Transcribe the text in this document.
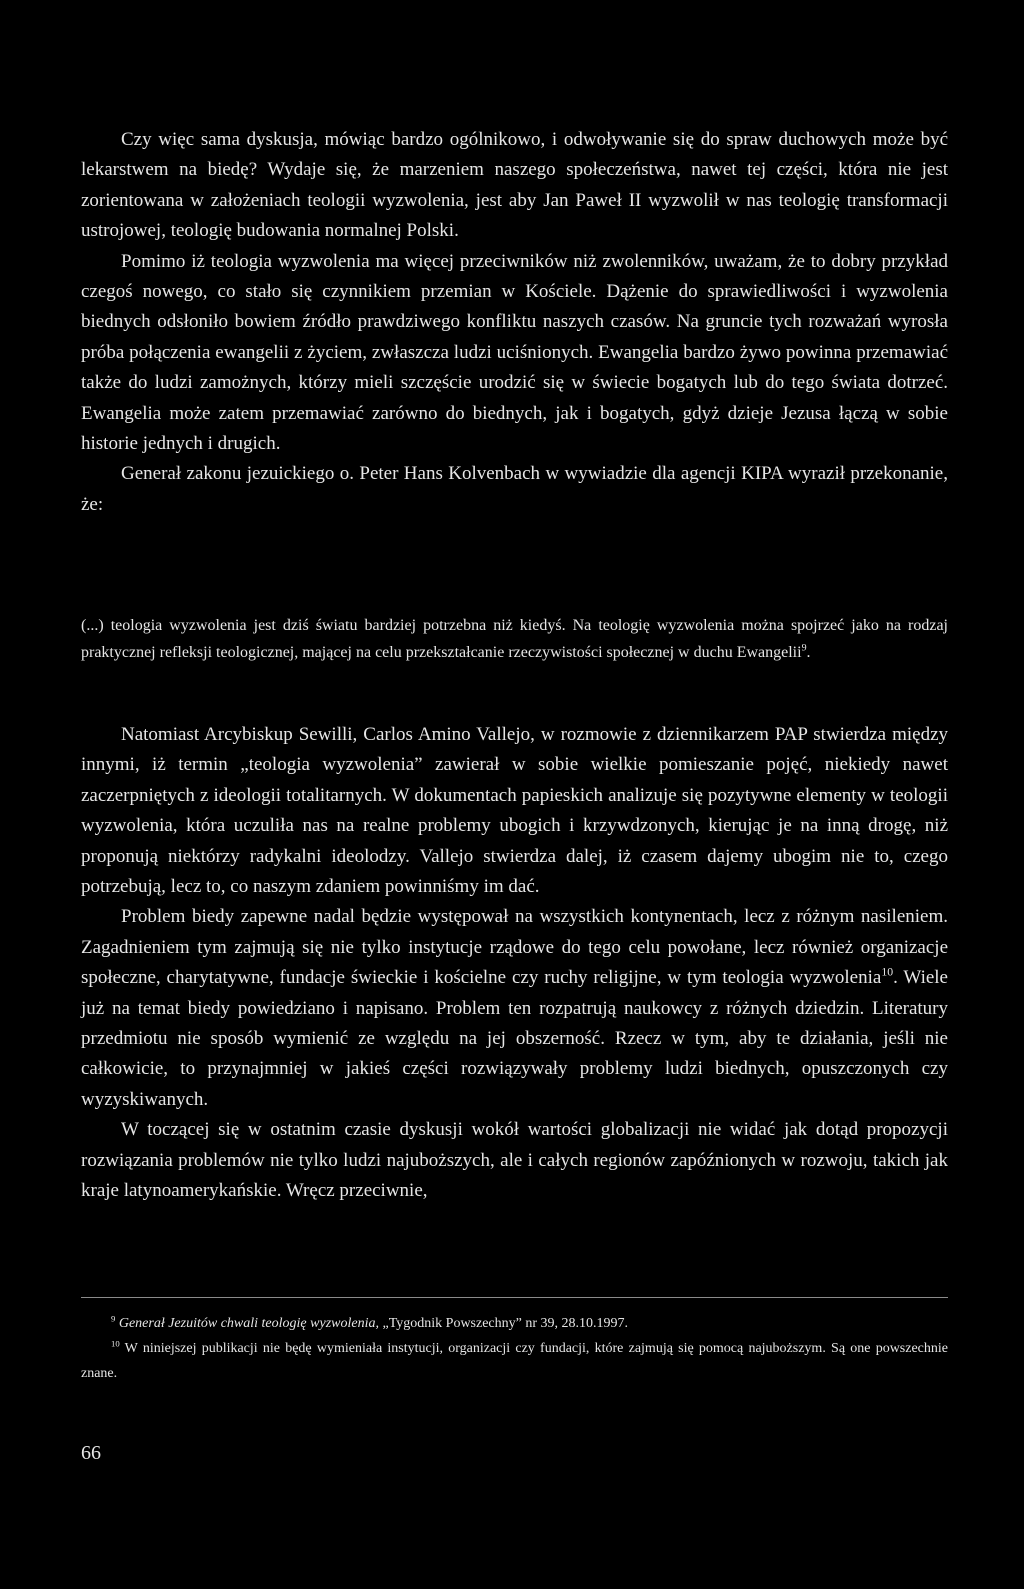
Czy więc sama dyskusja, mówiąc bardzo ogólnikowo, i odwoływanie się do spraw duchowych może być lekarstwem na biedę? Wydaje się, że marzeniem naszego społeczeństwa, nawet tej części, która nie jest zorientowana w założeniach teologii wyzwolenia, jest aby Jan Paweł II wyzwolił w nas teologię transformacji ustrojowej, teologię budowania normalnej Polski.

Pomimo iż teologia wyzwolenia ma więcej przeciwników niż zwolenników, uważam, że to dobry przykład czegoś nowego, co stało się czynnikiem przemian w Kościele. Dążenie do sprawiedliwości i wyzwolenia biednych odsłoniło bowiem źródło prawdziwego konfliktu naszych czasów. Na gruncie tych rozważań wyrosła próba połączenia ewangelii z życiem, zwłaszcza ludzi uciśnionych. Ewangelia bardzo żywo powinna przemawiać także do ludzi zamożnych, którzy mieli szczęście urodzić się w świecie bogatych lub do tego świata dotrzeć. Ewangelia może zatem przemawiać zarówno do biednych, jak i bogatych, gdyż dzieje Jezusa łączą w sobie historie jednych i drugich.

Generał zakonu jezuickiego o. Peter Hans Kolvenbach w wywiadzie dla agencji KIPA wyraził przekonanie, że:

(...) teologia wyzwolenia jest dziś światu bardziej potrzebna niż kiedyś. Na teologię wyzwolenia można spojrzeć jako na rodzaj praktycznej refleksji teologicznej, mającej na celu przekształcanie rzeczywistości społecznej w duchu Ewangelii$^9$.

Natomiast Arcybiskup Sewilli, Carlos Amino Vallejo, w rozmowie z dziennikarzem PAP stwierdza między innymi, iż termin „teologia wyzwolenia” zawierał w sobie wielkie pomieszanie pojęć, niekiedy nawet zaczerpniętych z ideologii totalitarnych. W dokumentach papieskich analizuje się pozytywne elementy w teologii wyzwolenia, która uczuliła nas na realne problemy ubogich i krzywdzonych, kierując je na inną drogę, niż proponują niektórzy radykalni ideolodzy. Vallejo stwierdza dalej, iż czasem dajemy ubogim nie to, czego potrzebują, lecz to, co naszym zdaniem powinniśmy im dać.

Problem biedy zapewne nadal będzie występował na wszystkich kontynentach, lecz z różnym nasileniem. Zagadnieniem tym zajmują się nie tylko instytucje rządowe do tego celu powołane, lecz również organizacje społeczne, charytatywne, fundacje świeckie i kościelne czy ruchy religijne, w tym teologia wyzwolenia$^{10}$. Wiele już na temat biedy powiedziano i napisano. Problem ten rozpatrują naukowcy z różnych dziedzin. Literatury przedmiotu nie sposób wymienić ze względu na jej obszerność. Rzecz w tym, aby te działania, jeśli nie całkowicie, to przynajmniej w jakieś części rozwiązywały problemy ludzi biednych, opuszczonych czy wyzyskiwanych.

W toczącej się w ostatnim czasie dyskusji wokół wartości globalizacji nie widać jak dotąd propozycji rozwiązania problemów nie tylko ludzi najuboższych, ale i całych regionów zapóźnionych w rozwoju, takich jak kraje latynoamerykańskie. Wręcz przeciwnie,

$^9$ Generał Jezuitów chwali teologię wyzwolenia, „Tygodnik Powszechny” nr 39, 28.10.1997.

$^{10}$ W niniejszej publikacji nie będę wymieniała instytucji, organizacji czy fundacji, które zajmują się pomocą najuboższym. Są one powszechnie znane.

66
